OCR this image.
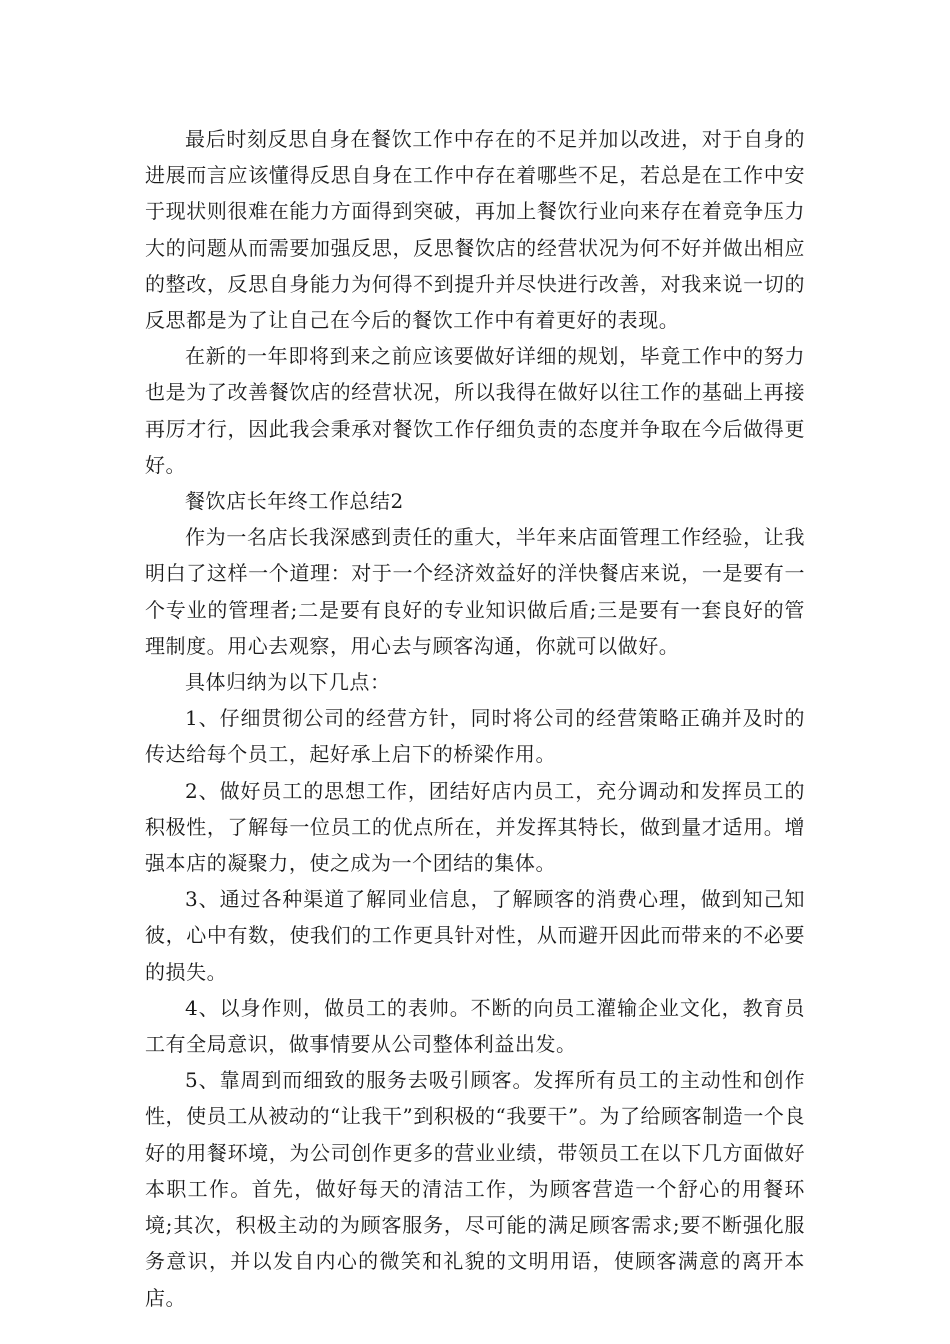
最后时刻反思自身在餐饮工作中存在的不足并加以改进，对于自身的进展而言应该懂得反思自身在工作中存在着哪些不足，若总是在工作中安于现状则很难在能力方面得到突破，再加上餐饮行业向来存在着竞争压力大的问题从而需要加强反思，反思餐饮店的经营状况为何不好并做出相应的整改，反思自身能力为何得不到提升并尽快进行改善，对我来说一切的反思都是为了让自己在今后的餐饮工作中有着更好的表现。

在新的一年即将到来之前应该要做好详细的规划，毕竟工作中的努力也是为了改善餐饮店的经营状况，所以我得在做好以往工作的基础上再接再厉才行，因此我会秉承对餐饮工作仔细负责的态度并争取在今后做得更好。

餐饮店长年终工作总结2

作为一名店长我深感到责任的重大，半年来店面管理工作经验，让我明白了这样一个道理：对于一个经济效益好的洋快餐店来说，一是要有一个专业的管理者;二是要有良好的专业知识做后盾;三是要有一套良好的管理制度。用心去观察，用心去与顾客沟通，你就可以做好。

具体归纳为以下几点：

1、仔细贯彻公司的经营方针，同时将公司的经营策略正确并及时的传达给每个员工，起好承上启下的桥梁作用。

2、做好员工的思想工作，团结好店内员工，充分调动和发挥员工的积极性，了解每一位员工的优点所在，并发挥其特长，做到量才适用。增强本店的凝聚力，使之成为一个团结的集体。

3、通过各种渠道了解同业信息，了解顾客的消费心理，做到知己知彼，心中有数，使我们的工作更具针对性，从而避开因此而带来的不必要的损失。

4、以身作则，做员工的表帅。不断的向员工灌输企业文化，教育员工有全局意识，做事情要从公司整体利益出发。

5、靠周到而细致的服务去吸引顾客。发挥所有员工的主动性和创作性，使员工从被动的“让我干”到积极的“我要干”。为了给顾客制造一个良好的用餐环境，为公司创作更多的营业业绩，带领员工在以下几方面做好本职工作。首先，做好每天的清洁工作，为顾客营造一个舒心的用餐环境;其次，积极主动的为顾客服务，尽可能的满足顾客需求;要不断强化服务意识，并以发自内心的微笑和礼貌的文明用语，使顾客满意的离开本店。
